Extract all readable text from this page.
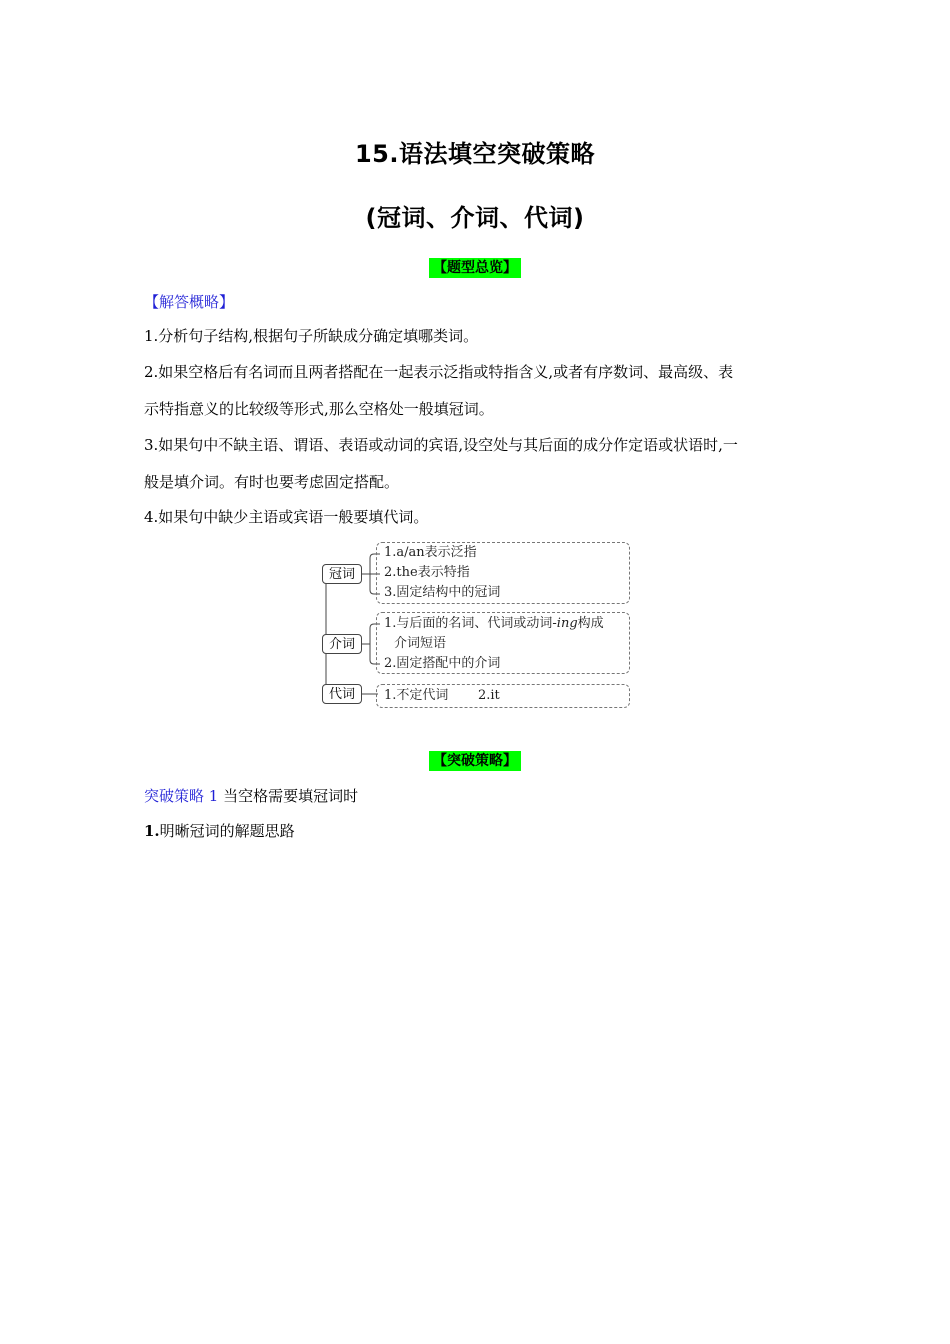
15.语法填空突破策略
(冠词、介词、代词)
【题型总览】
【解答概略】
1.分析句子结构,根据句子所缺成分确定填哪类词。
2.如果空格后有名词而且两者搭配在一起表示泛指或特指含义,或者有序数词、最高级、表
示特指意义的比较级等形式,那么空格处一般填冠词。
3.如果句中不缺主语、谓语、表语或动词的宾语,设空处与其后面的成分作定语或状语时,一
般是填介词。有时也要考虑固定搭配。
4.如果句中缺少主语或宾语一般要填代词。
冠词
介词
代词
1.a/an表示泛指
2.the表示特指
3.固定结构中的冠词
1.与后面的名词、代词或动词-ing构成
介词短语
2.固定搭配中的介词
1.不定代词 2.it
【突破策略】
突破策略 1 当空格需要填冠词时
1.明晰冠词的解题思路
